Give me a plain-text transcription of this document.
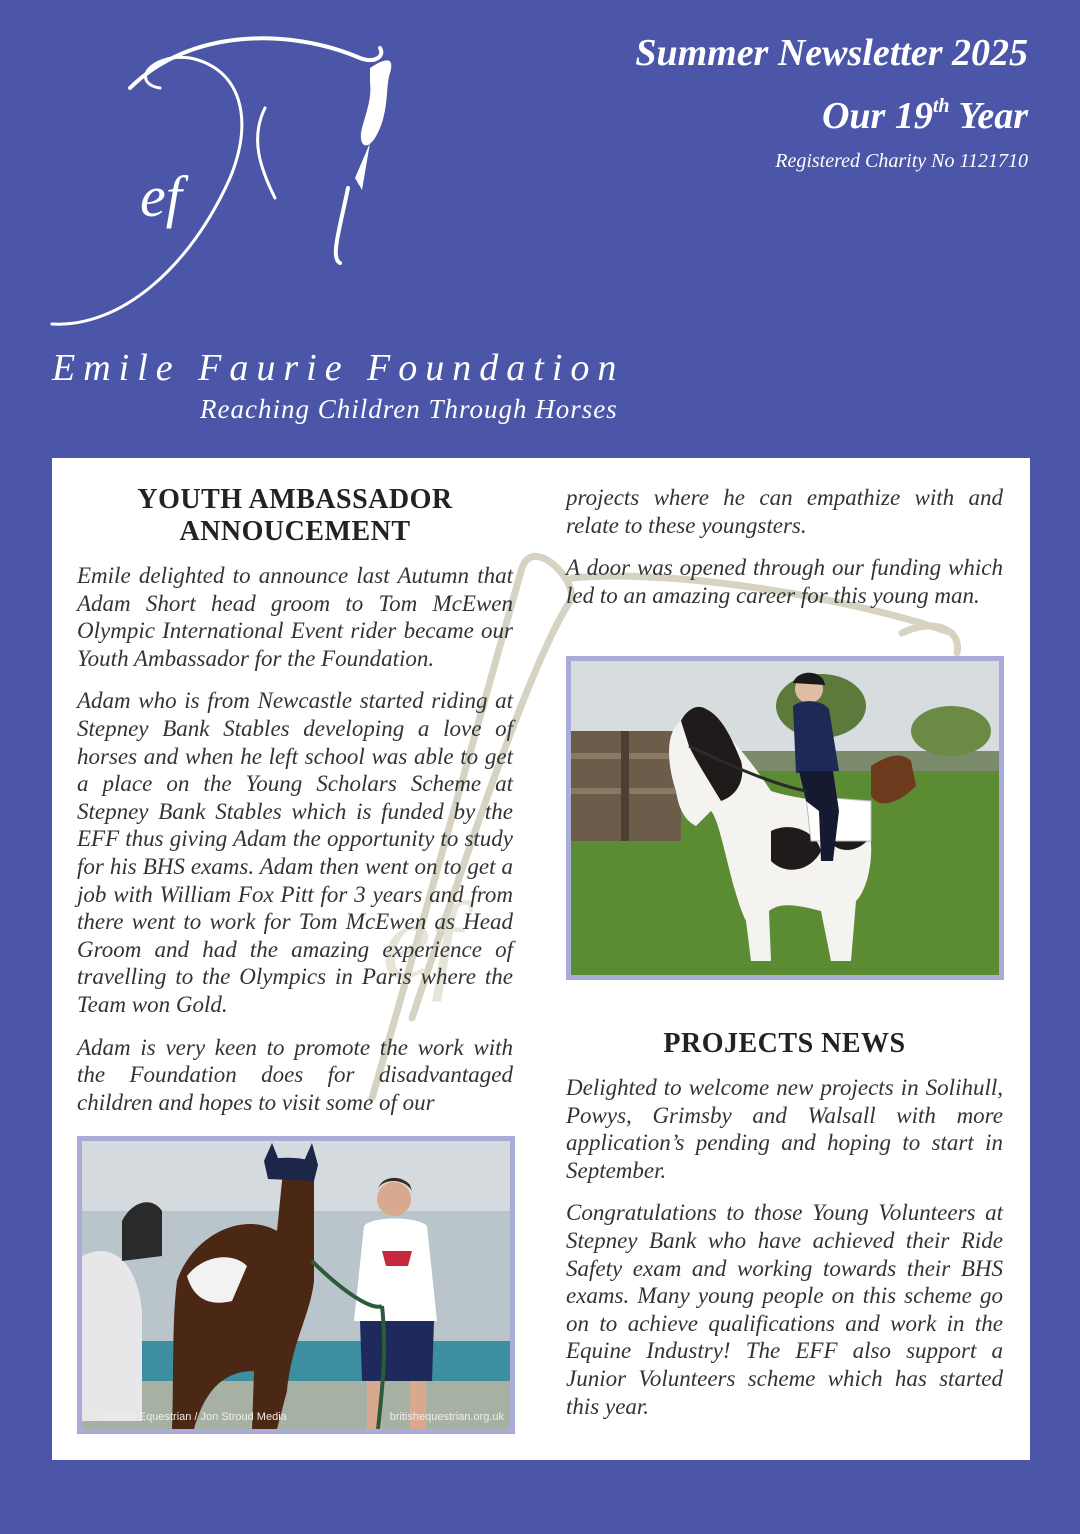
ef
Summer Newsletter 2025
Our 19th Year
Registered Charity No 1121710
Emile Faurie Foundation
Reaching Children Through Horses
ef
YOUTH AMBASSADOR
ANNOUCEMENT

Emile delighted to announce last Autumn that Adam Short head groom to Tom McEwen Olympic International Event rider became our Youth Ambassador for the Foundation.

Adam who is from Newcastle started riding at Stepney Bank Stables developing a love of horses and when he left school was able to get a place on the Young Scholars Scheme at Stepney Bank Stables which is funded by the EFF thus giving Adam the opportunity to study for his BHS exams. Adam then went on to get a job with William Fox Pitt for 3 years and from there went to work for Tom McEwen as Head Groom and had the amazing experience of travelling to the Olympics in Paris where the Team won Gold.

Adam is very keen to promote the work with the Foundation does for disadvantaged children and hopes to visit some of our

© British Equestrian / Jon Stroud Media	britishequestrian.org.uk

projects where he can empathize with and relate to these youngsters.

A door was opened through our funding which led to an amazing career for this young man.

PROJECTS NEWS

Delighted to welcome new projects in Solihull, Powys, Grimsby and Walsall with more application’s pending and hoping to start in September.

Congratulations to those Young Volunteers at Stepney Bank who have achieved their Ride Safety exam and working towards their BHS exams. Many young people on this scheme go on to achieve qualifications and work in the Equine Industry! The EFF also support a Junior Volunteers scheme which has started this year.
